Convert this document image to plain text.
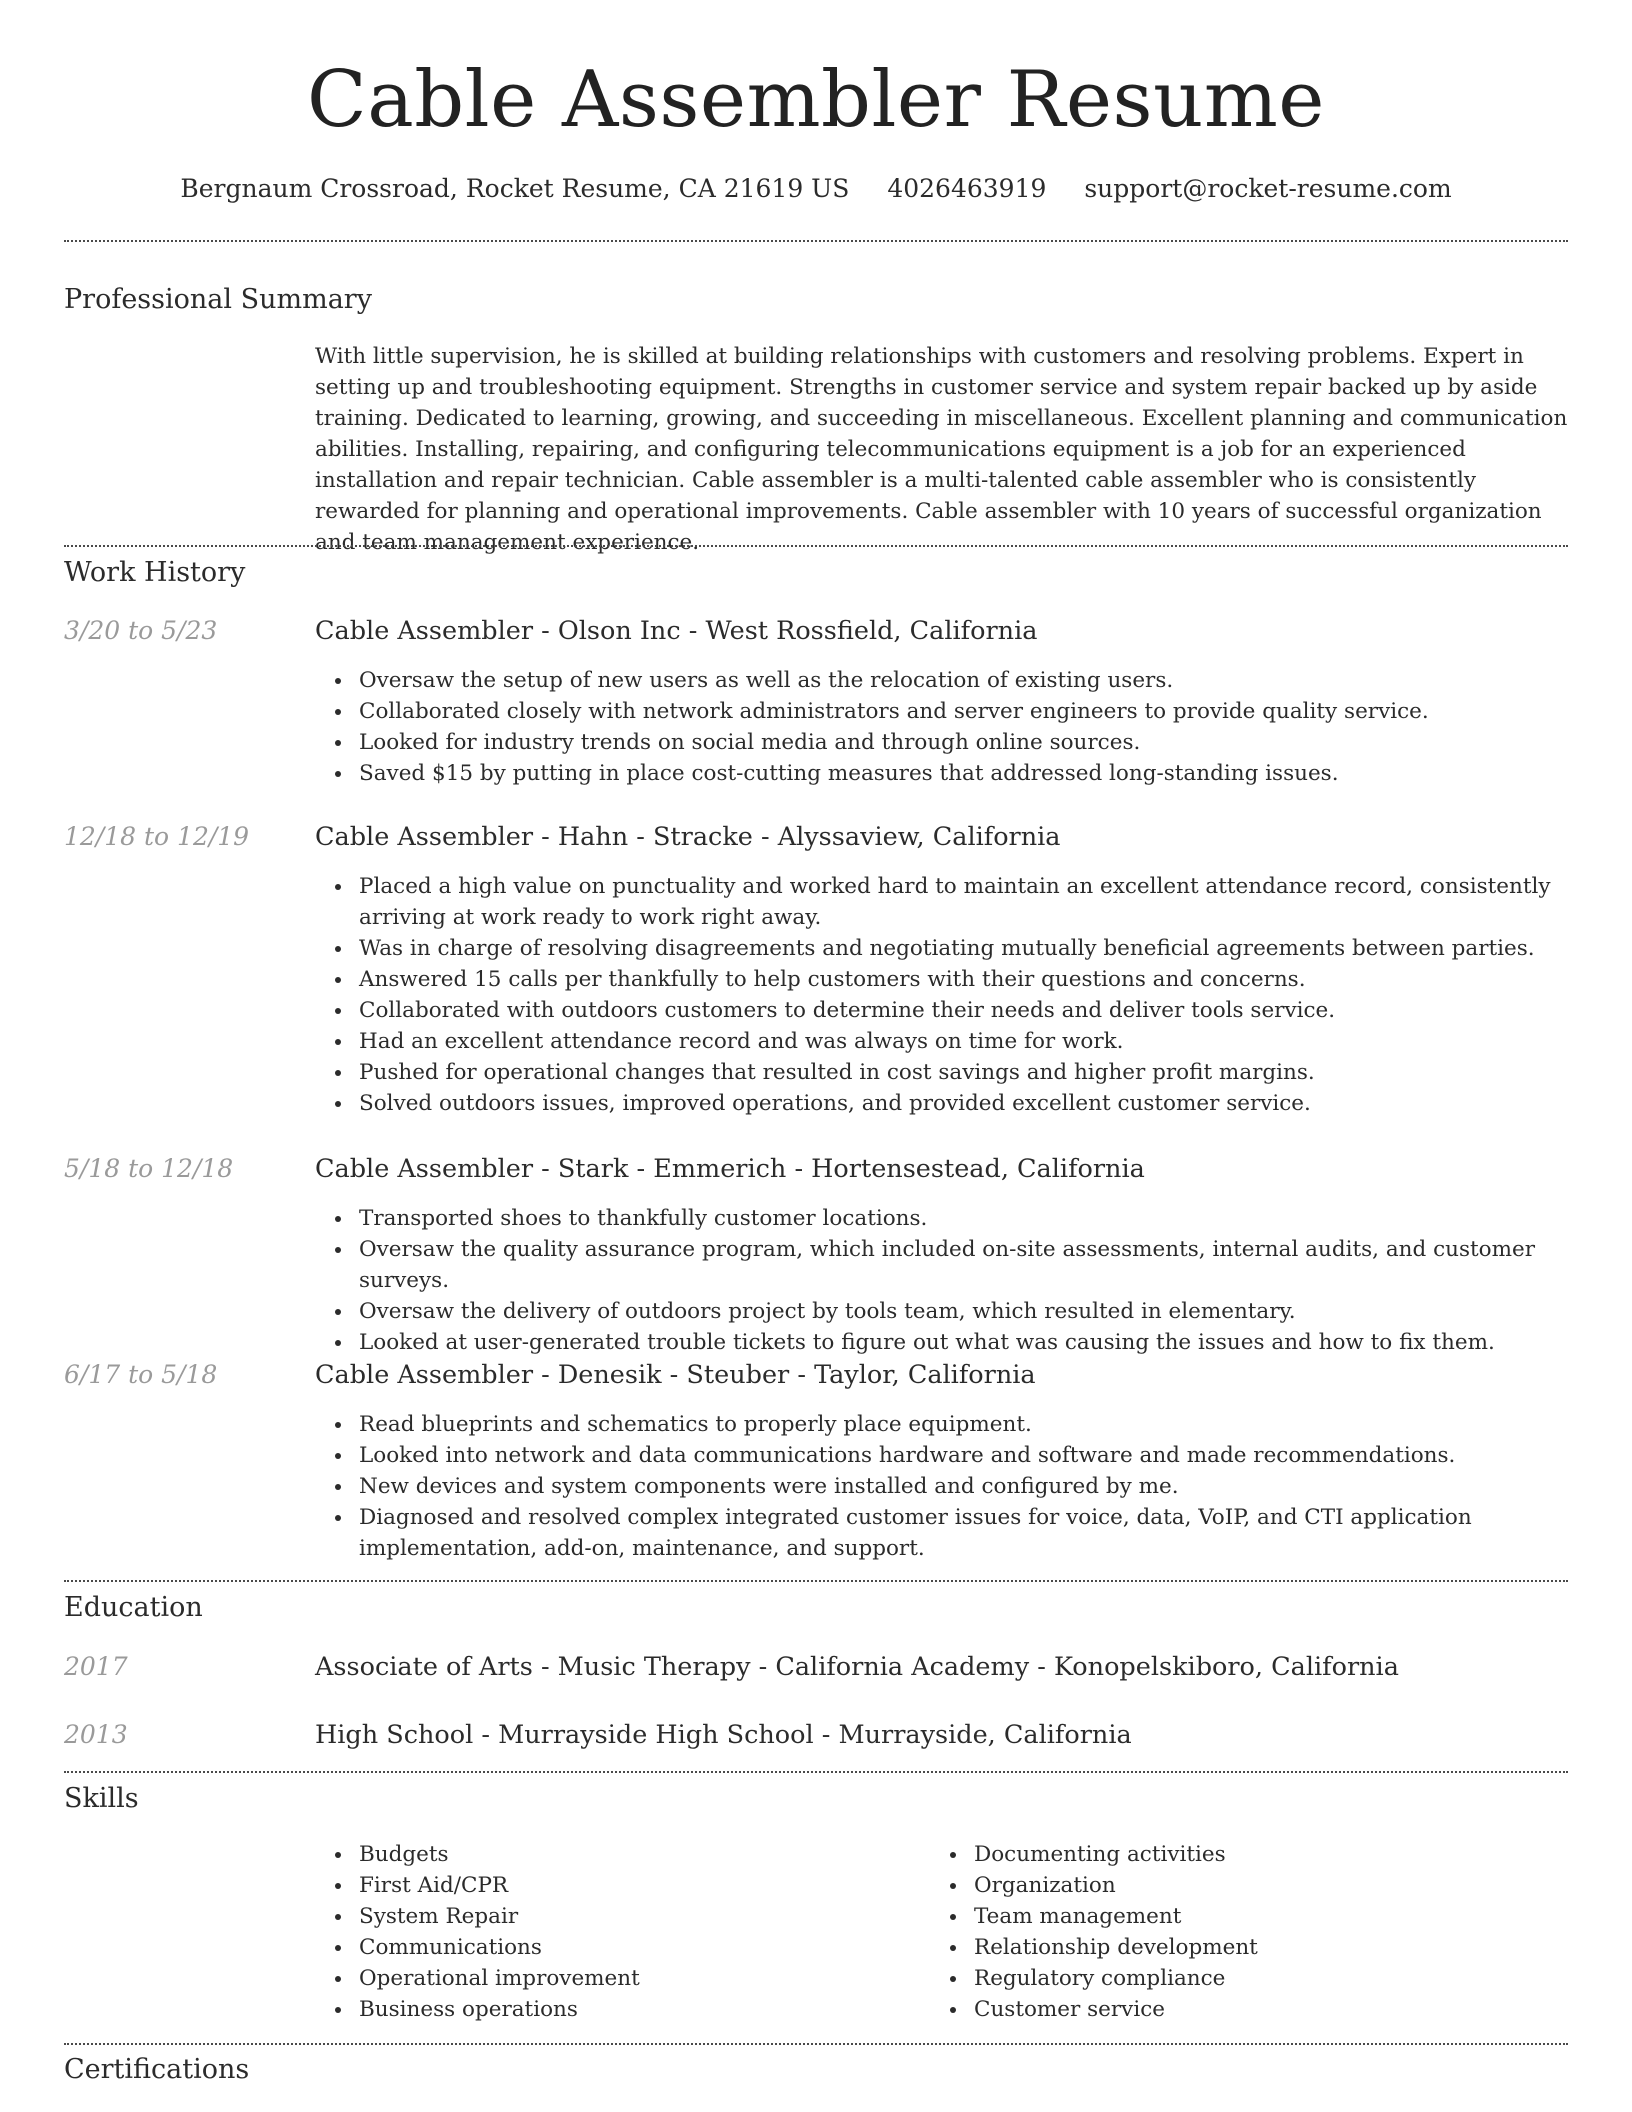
Cable Assembler Resume
Bergnaum Crossroad, Rocket Resume, CA 21619 US 4026463919 support@rocket-resume.com
Professional Summary

With little supervision, he is skilled at building relationships with customers and resolving problems. Expert in setting up and troubleshooting equipment. Strengths in customer service and system repair backed up by aside training. Dedicated to learning, growing, and succeeding in miscellaneous. Excellent planning and communication abilities. Installing, repairing, and configuring telecommunications equipment is a job for an experienced installation and repair technician. Cable assembler is a multi-talented cable assembler who is consistently rewarded for planning and operational improvements. Cable assembler with 10 years of successful organization and team management experience.

Work History
3/20 to 5/23	Cable Assembler - Olson Inc - West Rossfield, California
Oversaw the setup of new users as well as the relocation of existing users.
Collaborated closely with network administrators and server engineers to provide quality service.
Looked for industry trends on social media and through online sources.
Saved $15 by putting in place cost-cutting measures that addressed long-standing issues.
12/18 to 12/19	Cable Assembler - Hahn - Stracke - Alyssaview, California
Placed a high value on punctuality and worked hard to maintain an excellent attendance record, consistently arriving at work ready to work right away.
Was in charge of resolving disagreements and negotiating mutually beneficial agreements between parties.
Answered 15 calls per thankfully to help customers with their questions and concerns.
Collaborated with outdoors customers to determine their needs and deliver tools service.
Had an excellent attendance record and was always on time for work.
Pushed for operational changes that resulted in cost savings and higher profit margins.
Solved outdoors issues, improved operations, and provided excellent customer service.
5/18 to 12/18	Cable Assembler - Stark - Emmerich - Hortensestead, California
Transported shoes to thankfully customer locations.
Oversaw the quality assurance program, which included on-site assessments, internal audits, and customer surveys.
Oversaw the delivery of outdoors project by tools team, which resulted in elementary.
Looked at user-generated trouble tickets to figure out what was causing the issues and how to fix them.
6/17 to 5/18	Cable Assembler - Denesik - Steuber - Taylor, California
Read blueprints and schematics to properly place equipment.
Looked into network and data communications hardware and software and made recommendations.
New devices and system components were installed and configured by me.
Diagnosed and resolved complex integrated customer issues for voice, data, VoIP, and CTI application implementation, add-on, maintenance, and support.
Education
2017	Associate of Arts - Music Therapy - California Academy - Konopelskiboro, California
2013	High School - Murrayside High School - Murrayside, California
Skills
Budgets
First Aid/CPR
System Repair
Communications
Operational improvement
Business operations
Documenting activities
Organization
Team management
Relationship development
Regulatory compliance
Customer service
Certifications
